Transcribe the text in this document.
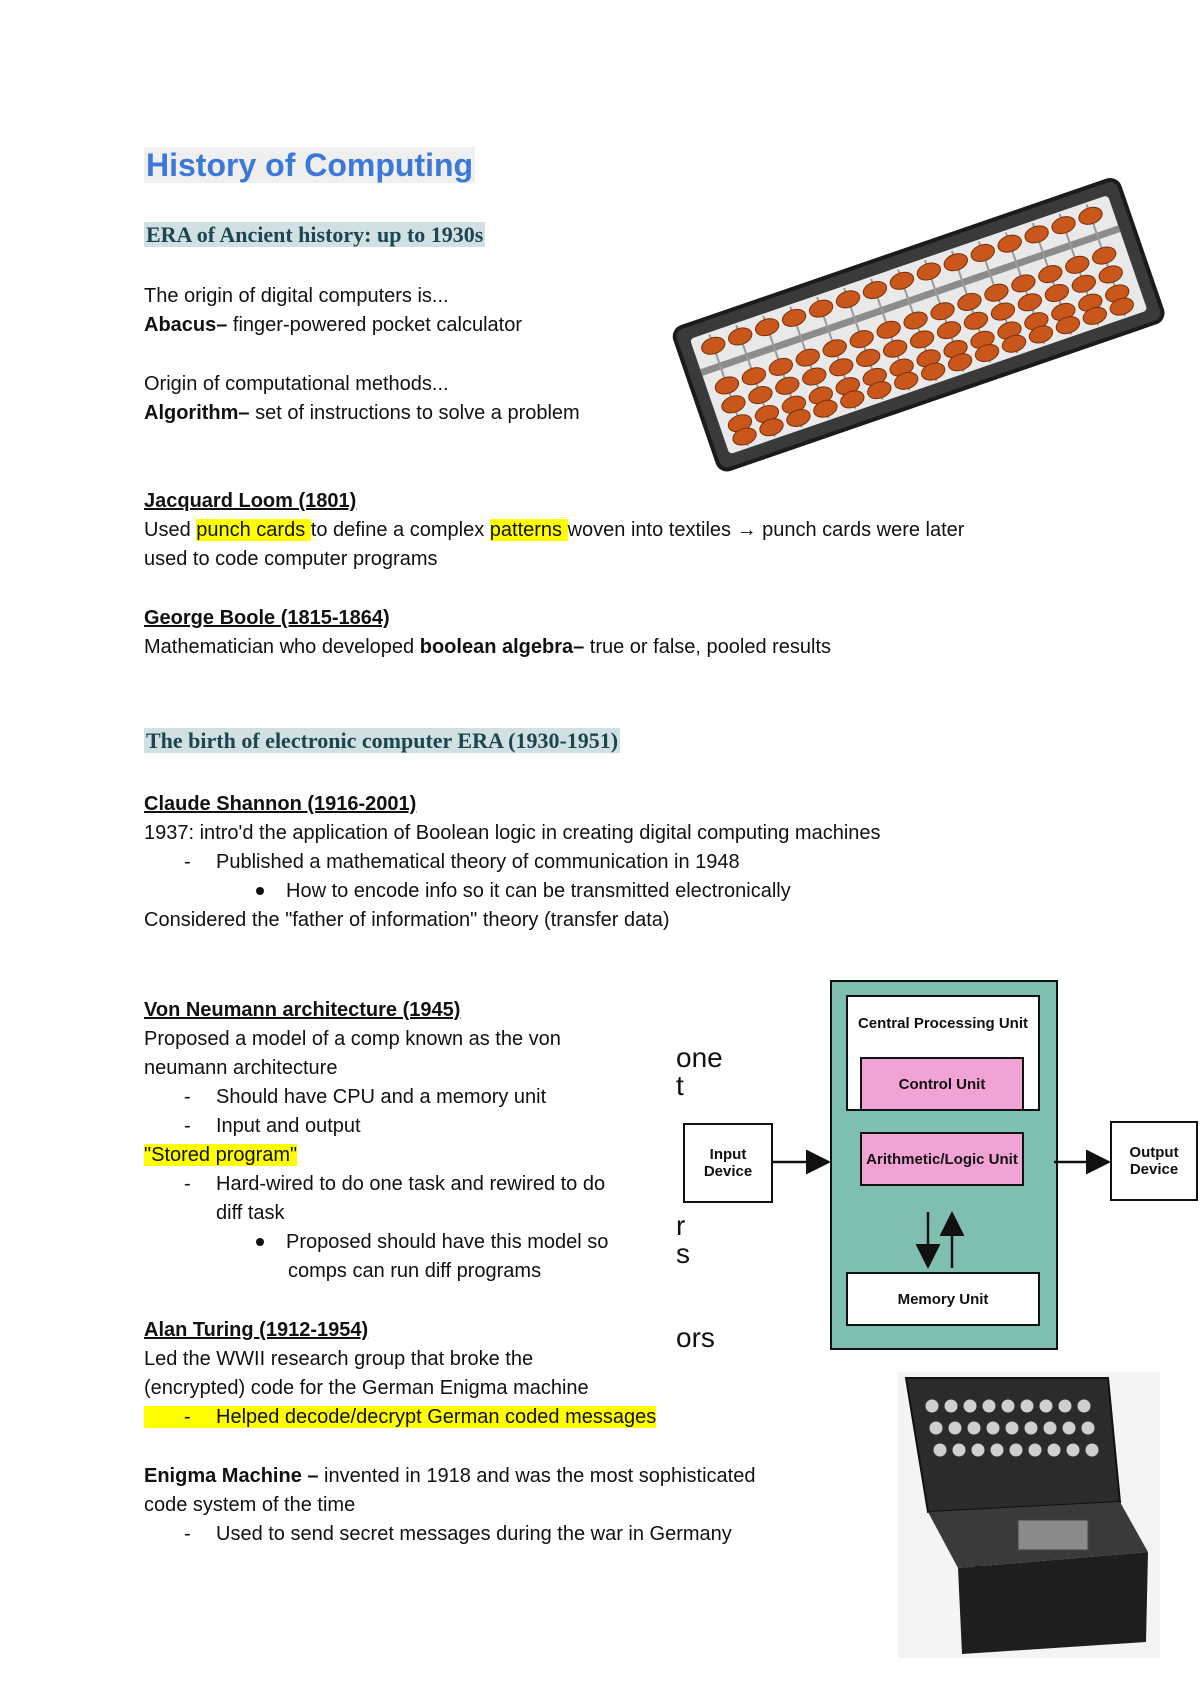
History of Computing
ERA of Ancient history: up to 1930s
The origin of digital computers is...
Abacus– finger-powered pocket calculator
Origin of computational methods...
Algorithm– set of instructions to solve a problem
Jacquard Loom (1801)
Used punch cards to define a complex patterns woven into textiles → punch cards were later
used to code computer programs
George Boole (1815-1864)
Mathematician who developed boolean algebra– true or false, pooled results
The birth of electronic computer ERA (1930-1951)
Claude Shannon (1916-2001)
1937: intro'd the application of Boolean logic in creating digital computing machines
- Published a mathematical theory of communication in 1948
How to encode info so it can be transmitted electronically
Considered the "father of information" theory (transfer data)
Von Neumann architecture (1945)
Proposed a model of a comp known as the von
neumann architecture
- Should have CPU and a memory unit
- Input and output
"Stored program"
- Hard-wired to do one task and rewired to do
diff task
Proposed should have this model so
comps can run diff programs
Alan Turing (1912-1954)
Led the WWII research group that broke the
(encrypted) code for the German Enigma machine
- Helped decode/decrypt German coded messages
Enigma Machine – invented in 1918 and was the most sophisticated
code system of the time
- Used to send secret messages during the war in Germany
one
t
r
s
ors
Central Processing Unit
Control Unit
Arithmetic/Logic Unit
Memory Unit
Input Device
Output Device
